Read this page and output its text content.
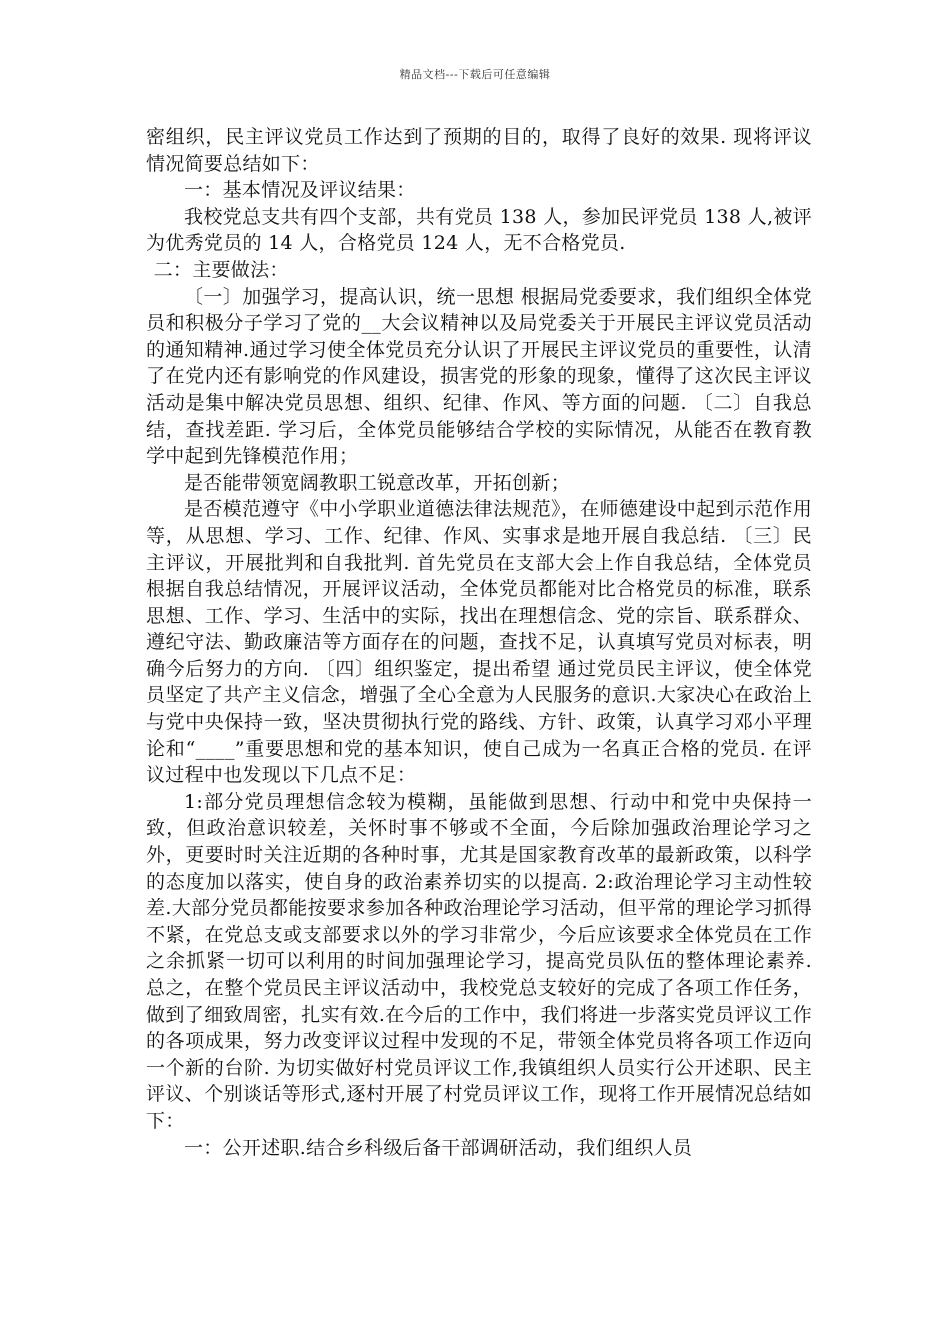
精品文档---下载后可任意编辑

密组织，民主评议党员工作达到了预期的目的，取得了良好的效果. 现将评议情况简要总结如下：

一：基本情况及评议结果：

我校党总支共有四个支部，共有党员 138 人，参加民评党员 138 人,被评为优秀党员的 14 人，合格党员 124 人，无不合格党员.

二：主要做法：

〔一〕加强学习，提高认识，统一思想 根据局党委要求，我们组织全体党员和积极分子学习了党的__大会议精神以及局党委关于开展民主评议党员活动的通知精神.通过学习使全体党员充分认识了开展民主评议党员的重要性，认清了在党内还有影响党的作风建设，损害党的形象的现象，懂得了这次民主评议活动是集中解决党员思想、组织、纪律、作风、等方面的问题. 〔二〕自我总结，查找差距. 学习后，全体党员能够结合学校的实际情况，从能否在教育教学中起到先锋模范作用；

是否能带领宽阔教职工锐意改革，开拓创新；

是否模范遵守《中小学职业道德法律法规范》，在师德建设中起到示范作用等，从思想、学习、工作、纪律、作风、实事求是地开展自我总结. 〔三〕民主评议，开展批判和自我批判. 首先党员在支部大会上作自我总结，全体党员根据自我总结情况，开展评议活动，全体党员都能对比合格党员的标准，联系思想、工作、学习、生活中的实际，找出在理想信念、党的宗旨、联系群众、遵纪守法、勤政廉洁等方面存在的问题，查找不足，认真填写党员对标表，明确今后努力的方向. 〔四〕组织鉴定，提出希望 通过党员民主评议，使全体党员坚定了共产主义信念，增强了全心全意为人民服务的意识.大家决心在政治上与党中央保持一致，坚决贯彻执行党的路线、方针、政策，认真学习邓小平理论和“____”重要思想和党的基本知识，使自己成为一名真正合格的党员. 在评议过程中也发现以下几点不足：

1:部分党员理想信念较为模糊，虽能做到思想、行动中和党中央保持一致，但政治意识较差，关怀时事不够或不全面，今后除加强政治理论学习之外，更要时时关注近期的各种时事，尤其是国家教育改革的最新政策，以科学的态度加以落实，使自身的政治素养切实的以提高. 2:政治理论学习主动性较差.大部分党员都能按要求参加各种政治理论学习活动，但平常的理论学习抓得不紧，在党总支或支部要求以外的学习非常少，今后应该要求全体党员在工作之余抓紧一切可以利用的时间加强理论学习，提高党员队伍的整体理论素养. 总之，在整个党员民主评议活动中，我校党总支较好的完成了各项工作任务，做到了细致周密，扎实有效.在今后的工作中，我们将进一步落实党员评议工作的各项成果，努力改变评议过程中发现的不足，带领全体党员将各项工作迈向一个新的台阶. 为切实做好村党员评议工作,我镇组织人员实行公开述职、民主评议、个别谈话等形式,逐村开展了村党员评议工作，现将工作开展情况总结如下：

一：公开述职.结合乡科级后备干部调研活动，我们组织人员
